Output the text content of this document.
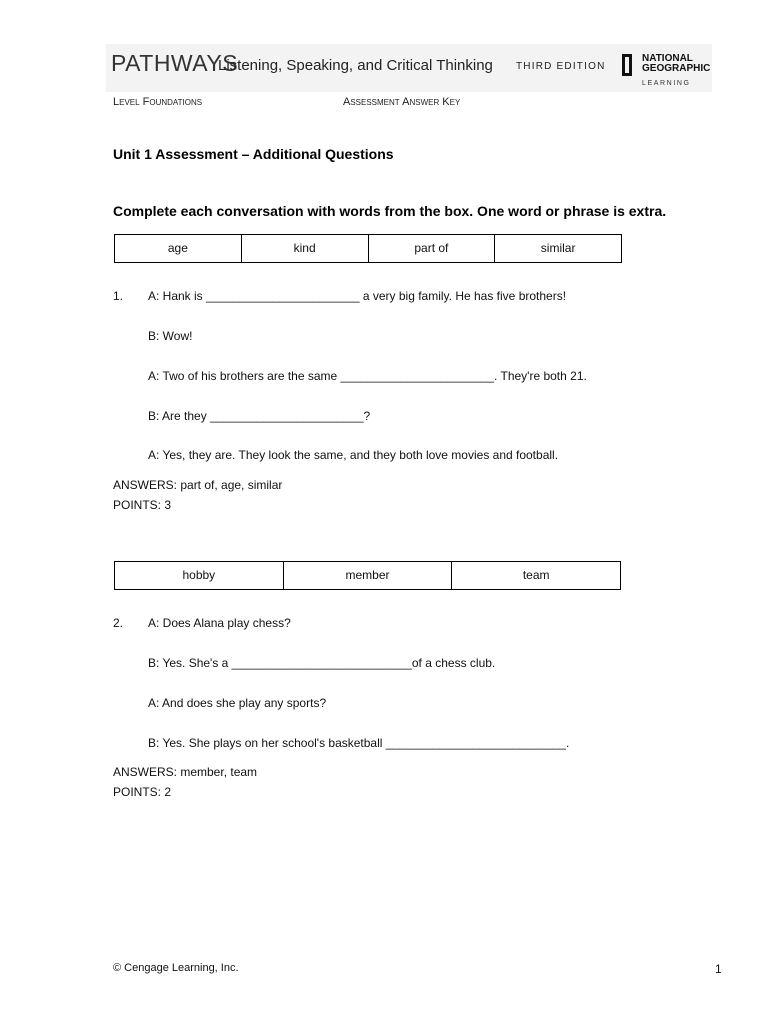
PATHWAYS
Listening, Speaking, and Critical Thinking THIRD EDITION
NATIONAL
GEOGRAPHIC
LEARNING
Level Foundations	Assessment Answer Key
Unit 1 Assessment – Additional Questions
Complete each conversation with words from the box. One word or phrase is extra.
age	kind	part of	similar
1. A: Hank is _______________________ a very big family. He has five brothers!
B: Wow!
A: Two of his brothers are the same _______________________. They're both 21.
B: Are they _______________________?
A: Yes, they are. They look the same, and they both love movies and football.
ANSWERS: part of, age, similar
POINTS: 3
hobby	member	team
2. A: Does Alana play chess?
B: Yes. She's a ___________________________of a chess club.
A: And does she play any sports?
B: Yes. She plays on her school's basketball ___________________________.
ANSWERS: member, team
POINTS: 2
© Cengage Learning, Inc.	1
